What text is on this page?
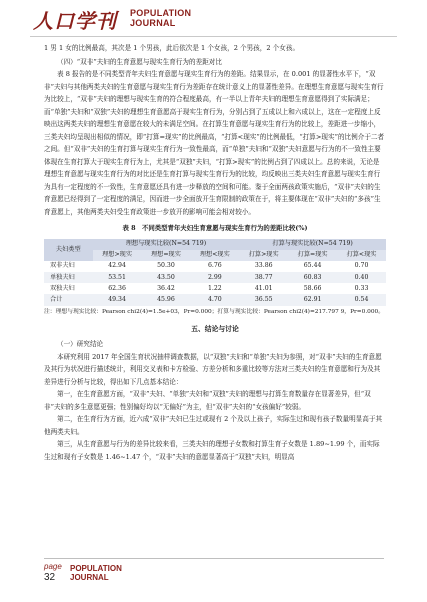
人口学刊 POPULATION
JOURNAL

1 男 1 女的比例最高，其次是 1 个男孩，此后依次是 1 个女孩，2 个男孩，2 个女孩。

（四）“双非”夫妇的生育意愿与现实生育行为的差距对比

表 8 报告的是不同类型青年夫妇生育意愿与现实生育行为的差距。结果显示，在 0.001 的显著性水平下，“双非”夫妇与其他两类夫妇的生育意愿与现实生育行为差距存在统计意义上的显著性差异。在理想生育意愿与现实生育行为比较上，“双非”夫妇的理想与现实生育的符合程度最高，有一半以上青年夫妇的理想生育意愿得到了实际满足；而“单独”夫妇和“双独”夫妇的理想生育意愿高于现实生育行为，分别占到了五成以上和六成以上，这在一定程度上反映出这两类夫妇的理想生育意愿在较大的未满足空间。在打算生育意愿与现实生育行为的比较上，差距进一步缩小，三类夫妇均呈现出相似的情况，即“打算=现实”的比例最高，“打算<现实”的比例最低，“打算>现实”的比例介于二者之间。但“双非”夫妇的生育打算与现实生育行为一致性最高，而“单独”夫妇和“双独”夫妇意愿与行为的不一致性主要体现在生育打算大于现实生育行为上，尤其是“双独”夫妇，“打算>现实”的比例占到了四成以上。总的来说，无论是理想生育意愿与现实生育行为的对比还是生育打算与现实生育行为的比较，均反映出三类夫妇生育意愿与现实生育行为具有一定程度的不一致性，生育意愿还具有进一步释放的空间和可能。鉴于全面两孩政策实施后，“双非”夫妇的生育意愿已经得到了一定程度的满足，因而进一步全面放开生育限制的政策在于，将主要体现在“双非”夫妇的“多孩”生育意愿上，其他两类夫妇受生育政策进一步放开的影响可能会相对较小。

表 8　不同类型青年夫妇生育意愿与现实生育行为的差距比较(%)
夫妇类型	理想与现实比较(N=54 719)			打算与现实比较(N=54 719)		
	理想>现实	理想=现实	理想<现实	打算>现实	打算=现实	打算<现实
双非夫妇	42.94	50.30	6.76	33.86	65.44	0.70
单独夫妇	53.51	43.50	2.99	38.77	60.83	0.40
双独夫妇	62.36	36.42	1.22	41.01	58.66	0.33
合计	49.34	45.96	4.70	36.55	62.91	0.54
注：理想与现实比较：Pearson chi2(4)=1.5e+03，Pr=0.000；打算与现实比较：Pearson chi2(4)=217.797 9，Pr=0.000。
五、结论与讨论

（一）研究结论

本研究利用 2017 年全国生育状况抽样调查数据，以“双独”夫妇和“单独”夫妇为参照，对“双非”夫妇的生育意愿及其行为状况进行描述统计，利用交叉表和卡方检验、方差分析和多重比较等方法对三类夫妇的生育意愿和行为及其差异进行分析与比较，得出如下几点基本结论：

第一，在生育意愿方面，“双非”夫妇、“单独”夫妇和“双独”夫妇的理想与打算生育数量存在显著差异，但“双非”夫妇的多生意愿更强；性别偏好均以“无偏好”为主，但“双非”夫妇的“女孩偏好”较弱。

第二，在生育行为方面，近六成“双非”夫妇已生过或现有 2 个及以上孩子，实际生过和现有孩子数量明显高于其他两类夫妇。

第三，从生育意愿与行为的差异比较来看，三类夫妇的理想子女数和打算生育子女数是 1.89~1.99 个，而实际生过和现有子女数是 1.46~1.47 个，“双非”夫妇的意愿显著高于“双独”夫妇，明显高

page
32
POPULATION
JOURNAL
